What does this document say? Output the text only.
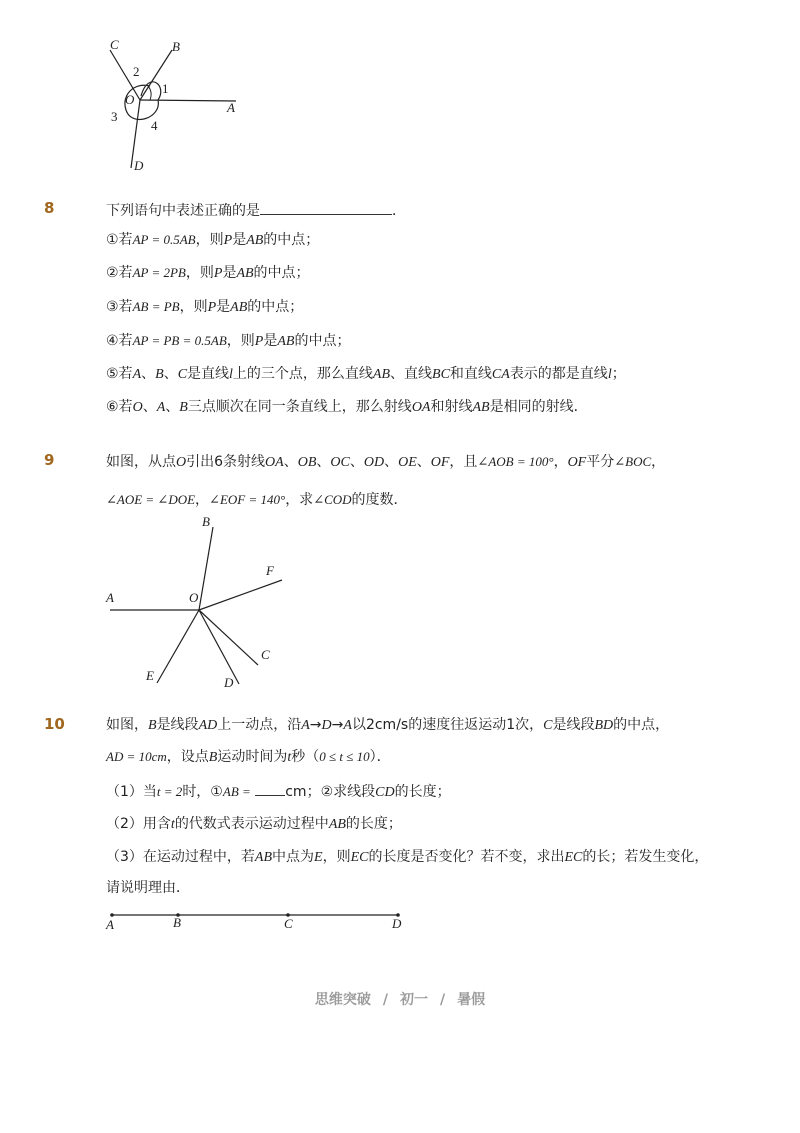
C	B
A
D
O
1
2
3
4
8	下列语句中表述正确的是	．
①若AP = 0.5AB，则P是AB的中点；
②若AP = 2PB，则P是AB的中点；
③若AB = PB，则P是AB的中点；
④若AP = PB = 0.5AB，则P是AB的中点；
⑤若A、B、C是直线l上的三个点，那么直线AB、直线BC和直线CA表示的都是直线l；
⑥若O、A、B三点顺次在同一条直线上，那么射线OA和射线AB是相同的射线．
9	如图，从点O引出6条射线OA、OB、OC、OD、OE、OF，且∠AOB = 100°，OF平分∠BOC，
∠AOE = ∠DOE，∠EOF = 140°，求∠COD的度数．
B
F
A	O
C
E	D
10	如图，B是线段AD上一动点，沿A→D→A以2cm/s的速度往返运动1次，C是线段BD的中点，
AD = 10cm，设点B运动时间为t秒（0 ≤ t ≤ 10）．
（1）当t = 2时，①AB = cm；②求线段CD的长度；
（2）用含t的代数式表示运动过程中AB的长度；
（3）在运动过程中，若AB中点为E，则EC的长度是否变化？若不变，求出EC的长；若发生变化，
请说明理由．
A	B	C	D
思维突破 / 初一 / 暑假
